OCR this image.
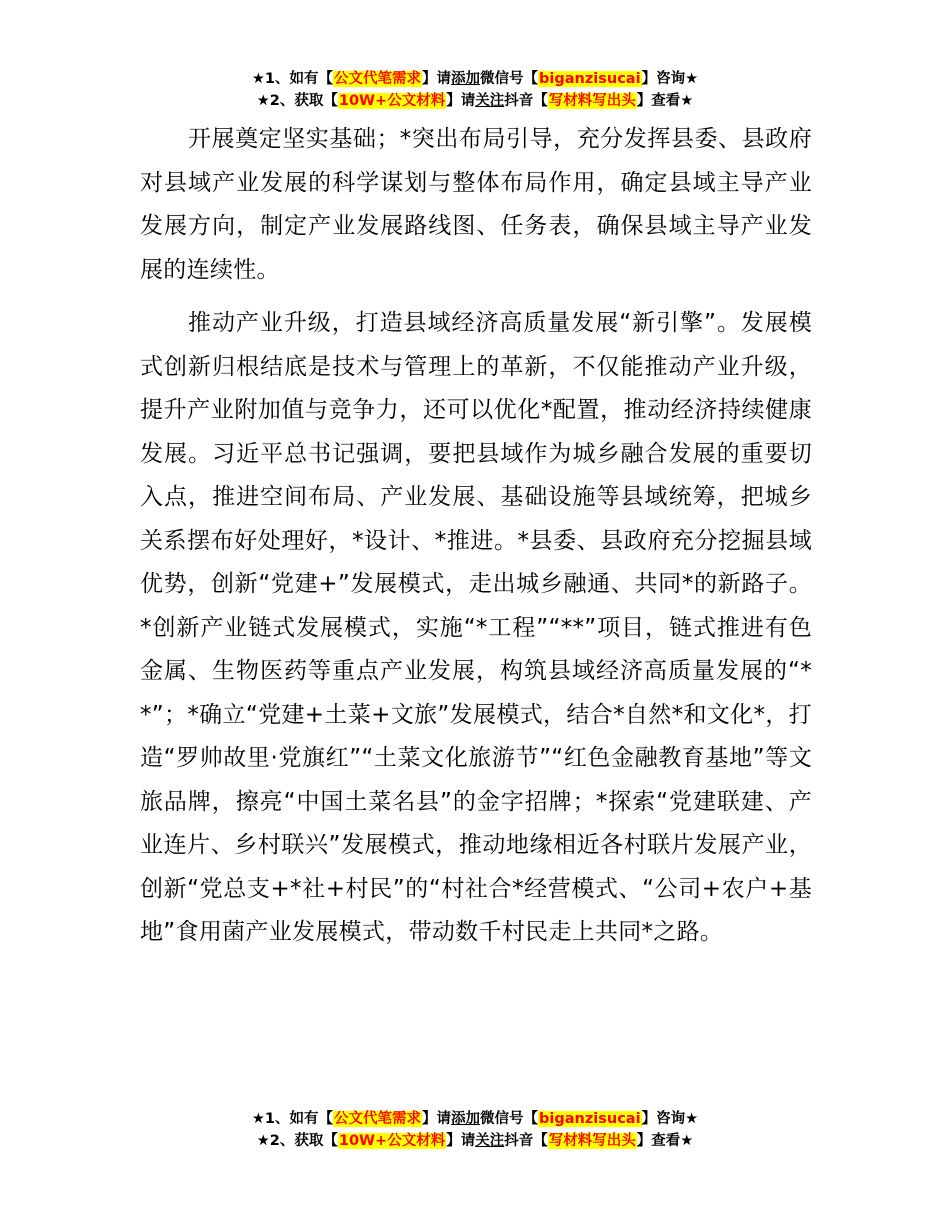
★1、如有【公文代笔需求】请添加微信号【biganzisucai】咨询★
★2、获取【10W+公文材料】请关注抖音【写材料写出头】查看★

开展奠定坚实基础；*突出布局引导，充分发挥县委、县政府对县域产业发展的科学谋划与整体布局作用，确定县域主导产业发展方向，制定产业发展路线图、任务表，确保县域主导产业发展的连续性。

推动产业升级，打造县域经济高质量发展“新引擎”。发展模式创新归根结底是技术与管理上的革新，不仅能推动产业升级，提升产业附加值与竞争力，还可以优化*配置，推动经济持续健康发展。习近平总书记强调，要把县域作为城乡融合发展的重要切入点，推进空间布局、产业发展、基础设施等县域统筹，把城乡关系摆布好处理好，*设计、*推进。*县委、县政府充分挖掘县域优势，创新“党建+”发展模式，走出城乡融通、共同*的新路子。*创新产业链式发展模式，实施“*工程”“**”项目，链式推进有色金属、生物医药等重点产业发展，构筑县域经济高质量发展的“**”；*确立“党建+土菜+文旅”发展模式，结合*自然*和文化*，打造“罗帅故里·党旗红”“土菜文化旅游节”“红色金融教育基地”等文旅品牌，擦亮“中国土菜名县”的金字招牌；*探索“党建联建、产业连片、乡村联兴”发展模式，推动地缘相近各村联片发展产业，创新“党总支+*社+村民”的“村社合*经营模式、“公司+农户+基地”食用菌产业发展模式，带动数千村民走上共同*之路。

★1、如有【公文代笔需求】请添加微信号【biganzisucai】咨询★
★2、获取【10W+公文材料】请关注抖音【写材料写出头】查看★
